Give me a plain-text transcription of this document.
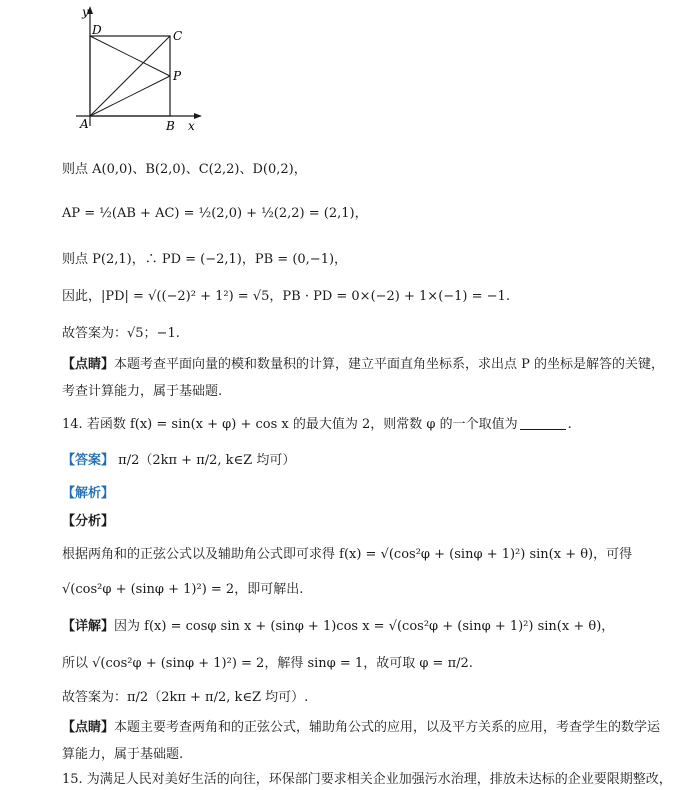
y
D	C
P
A	B x
则点 A(0,0)、B(2,0)、C(2,2)、D(0,2)，
AP = ½(AB + AC) = ½(2,0) + ½(2,2) = (2,1)，
则点 P(2,1)，∴ PD = (−2,1)，PB = (0,−1)，
因此，|PD| = √((−2)² + 1²) = √5，PB · PD = 0×(−2) + 1×(−1) = −1.
故答案为：√5；−1.
【点睛】本题考查平面向量的模和数量积的计算，建立平面直角坐标系，求出点 P 的坐标是解答的关键，
考查计算能力，属于基础题.
14. 若函数 f(x) = sin(x + φ) + cos x 的最大值为 2，则常数 φ 的一个取值为	.
【答案】 π/2（2kπ + π/2, k∈Z 均可）
【解析】
【分析】
根据两角和的正弦公式以及辅助角公式即可求得 f(x) = √(cos²φ + (sinφ + 1)²) sin(x + θ)，可得
√(cos²φ + (sinφ + 1)²) = 2，即可解出.
【详解】因为 f(x) = cosφ sin x + (sinφ + 1)cos x = √(cos²φ + (sinφ + 1)²) sin(x + θ)，
所以 √(cos²φ + (sinφ + 1)²) = 2，解得 sinφ = 1，故可取 φ = π/2.
故答案为：π/2（2kπ + π/2, k∈Z 均可）.
【点睛】本题主要考查两角和的正弦公式，辅助角公式的应用，以及平方关系的应用，考查学生的数学运
算能力，属于基础题.
15. 为满足人民对美好生活的向往，环保部门要求相关企业加强污水治理，排放未达标的企业要限期整改，
